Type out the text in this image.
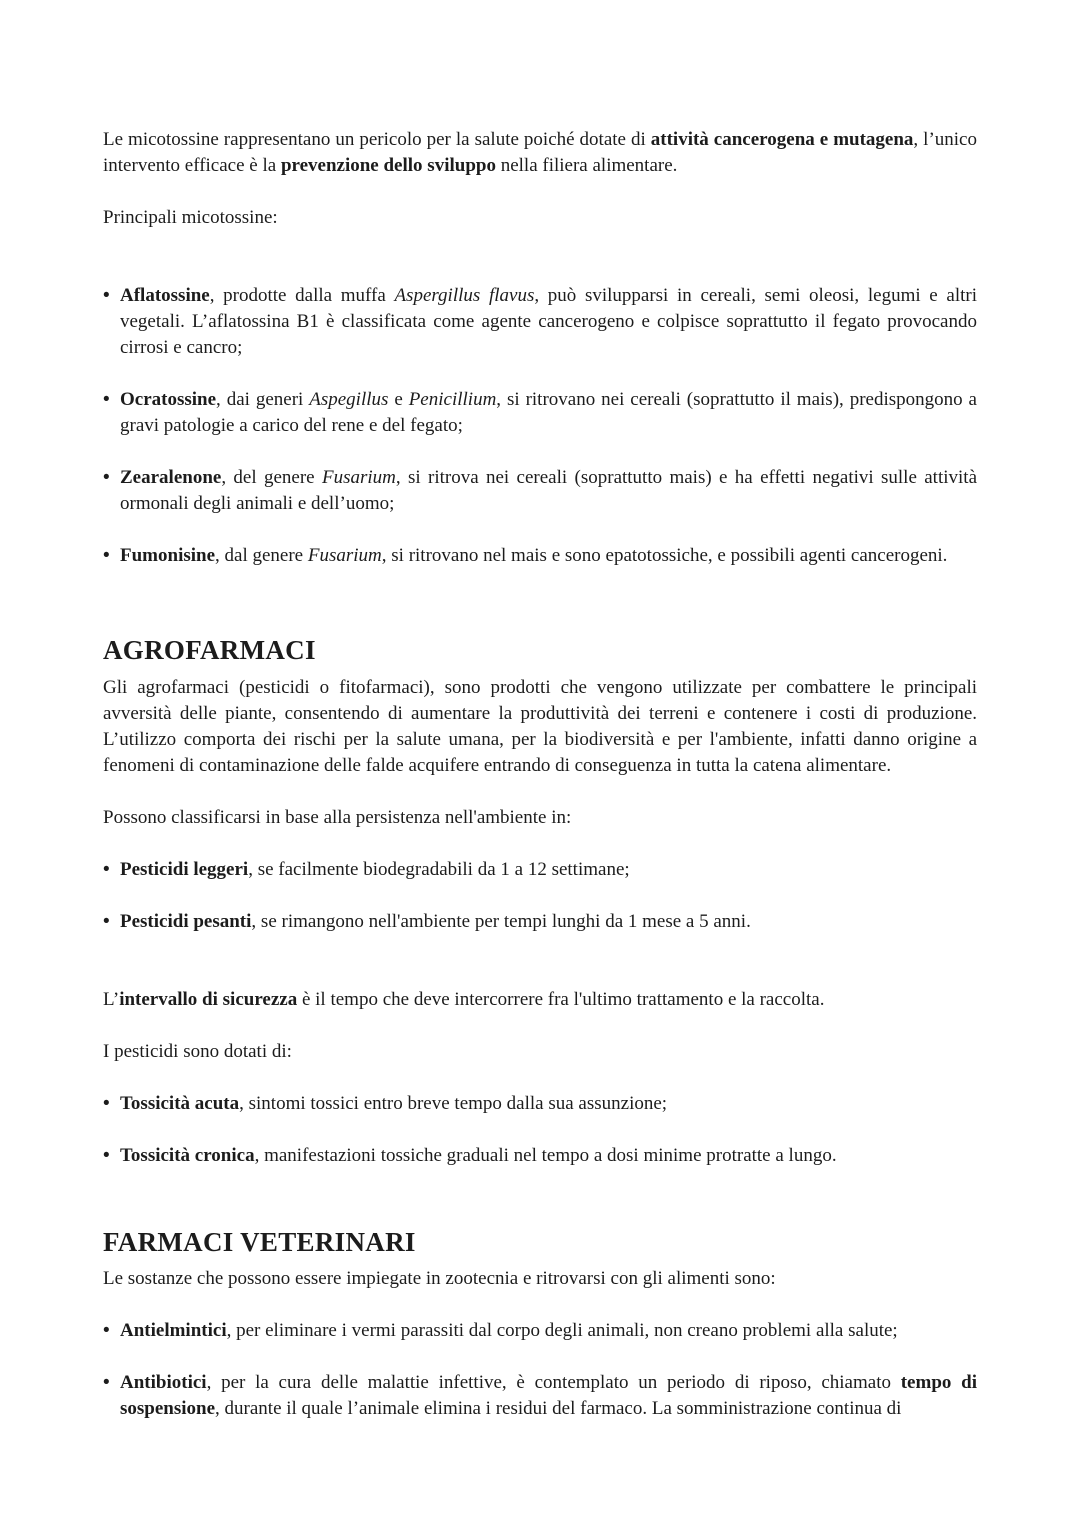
Le micotossine rappresentano un pericolo per la salute poiché dotate di attività cancerogena e mutagena, l’unico intervento efficace è la prevenzione dello sviluppo nella filiera alimentare.

Principali micotossine:

• Aflatossine, prodotte dalla muffa Aspergillus flavus, può svilupparsi in cereali, semi oleosi, legumi e altri vegetali. L’aflatossina B1 è classificata come agente cancerogeno e colpisce soprattutto il fegato provocando cirrosi e cancro;
• Ocratossine, dai generi Aspegillus e Penicillium, si ritrovano nei cereali (soprattutto il mais), predispongono a gravi patologie a carico del rene e del fegato;
• Zearalenone, del genere Fusarium, si ritrova nei cereali (soprattutto mais) e ha effetti negativi sulle attività ormonali degli animali e dell’uomo;
• Fumonisine, dal genere Fusarium, si ritrovano nel mais e sono epatotossiche, e possibili agenti cancerogeni.
AGROFARMACI

Gli agrofarmaci (pesticidi o fitofarmaci), sono prodotti che vengono utilizzate per combattere le principali avversità delle piante, consentendo di aumentare la produttività dei terreni e contenere i costi di produzione. L’utilizzo comporta dei rischi per la salute umana, per la biodiversità e per l'ambiente, infatti danno origine a fenomeni di contaminazione delle falde acquifere entrando di conseguenza in tutta la catena alimentare.

Possono classificarsi in base alla persistenza nell'ambiente in:

• Pesticidi leggeri, se facilmente biodegradabili da 1 a 12 settimane;
• Pesticidi pesanti, se rimangono nell'ambiente per tempi lunghi da 1 mese a 5 anni.

L’intervallo di sicurezza è il tempo che deve intercorrere fra l'ultimo trattamento e la raccolta.

I pesticidi sono dotati di:

• Tossicità acuta, sintomi tossici entro breve tempo dalla sua assunzione;
• Tossicità cronica, manifestazioni tossiche graduali nel tempo a dosi minime protratte a lungo.
FARMACI VETERINARI

Le sostanze che possono essere impiegate in zootecnia e ritrovarsi con gli alimenti sono:

• Antielmintici, per eliminare i vermi parassiti dal corpo degli animali, non creano problemi alla salute;
• Antibiotici, per la cura delle malattie infettive, è contemplato un periodo di riposo, chiamato tempo di sospensione, durante il quale l’animale elimina i residui del farmaco. La somministrazione continua di
